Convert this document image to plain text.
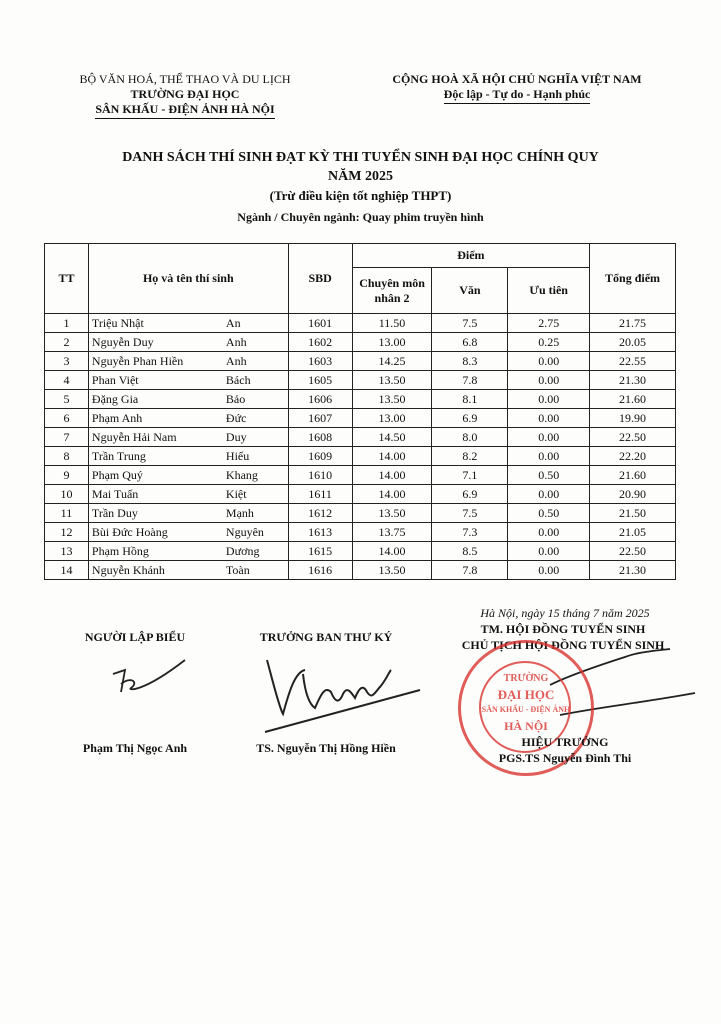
BỘ VĂN HOÁ, THỂ THAO VÀ DU LỊCH
TRƯỜNG ĐẠI HỌC
SÂN KHẤU - ĐIỆN ẢNH HÀ NỘI
CỘNG HOÀ XÃ HỘI CHỦ NGHĨA VIỆT NAM
Độc lập - Tự do - Hạnh phúc
DANH SÁCH THÍ SINH ĐẠT KỲ THI TUYỂN SINH ĐẠI HỌC CHÍNH QUY
NĂM 2025
(Trừ điều kiện tốt nghiệp THPT)
Ngành / Chuyên ngành: Quay phim truyền hình
TT	Họ và tên thí sinh	SBD	Điểm			Tổng điểm
			Chuyên môn nhân 2	Văn	Ưu tiên	
1	Triệu Nhật An	1601	11.50	7.5	2.75	21.75
2	Nguyễn Duy Anh	1602	13.00	6.8	0.25	20.05
3	Nguyễn Phan Hiền Anh	1603	14.25	8.3	0.00	22.55
4	Phan Việt Bách	1605	13.50	7.8	0.00	21.30
5	Đặng Gia Bảo	1606	13.50	8.1	0.00	21.60
6	Phạm Anh Đức	1607	13.00	6.9	0.00	19.90
7	Nguyễn Hải Nam Duy	1608	14.50	8.0	0.00	22.50
8	Trần Trung Hiếu	1609	14.00	8.2	0.00	22.20
9	Phạm Quý Khang	1610	14.00	7.1	0.50	21.60
10	Mai Tuấn Kiệt	1611	14.00	6.9	0.00	20.90
11	Trần Duy Mạnh	1612	13.50	7.5	0.50	21.50
12	Bùi Đức Hoàng Nguyên	1613	13.75	7.3	0.00	21.05
13	Phạm Hồng Dương	1615	14.00	8.5	0.00	22.50
14	Nguyễn Khánh Toàn	1616	13.50	7.8	0.00	21.30
Hà Nội, ngày 15 tháng 7 năm 2025
TM. HỘI ĐỒNG TUYỂN SINH
CHỦ TỊCH HỘI ĐỒNG TUYỂN SINH
NGƯỜI LẬP BIỂU	TRƯỞNG BAN THƯ KÝ
TRƯỜNG
ĐẠI HỌC
SÂN KHẤU - ĐIỆN ẢNH
HÀ NỘI
Phạm Thị Ngọc Anh	TS. Nguyễn Thị Hồng Hiền	HIỆU TRƯỞNG
PGS.TS Nguyễn Đình Thi
